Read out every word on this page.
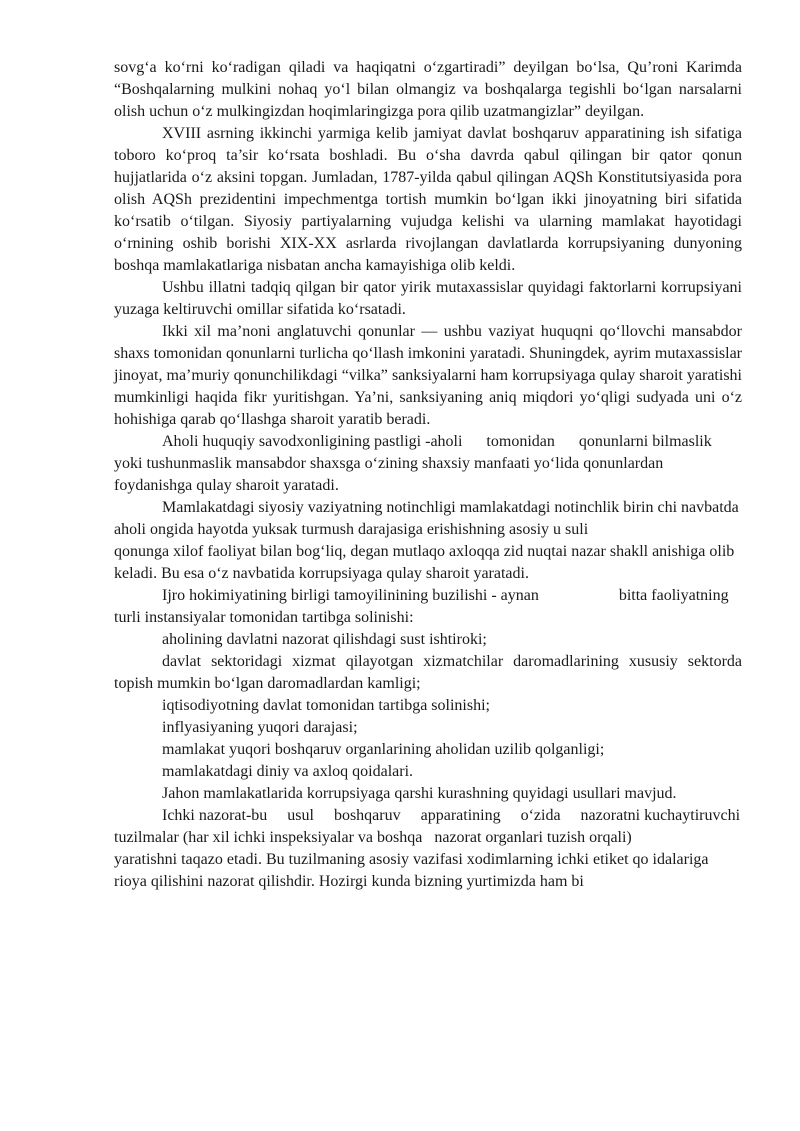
sovg‘a ko‘rni ko‘radigan qiladi va haqiqatni o‘zgartiradi” deyilgan bo‘lsa, Qu’roni Karimda “Boshqalarning mulkini nohaq yo‘l bilan olmangiz va boshqalarga tegishli bo‘lgan narsalarni olish uchun o‘z mulkingizdan hoqimlaringizga pora qilib uzatmangizlar” deyilgan.

XVIII asrning ikkinchi yarmiga kelib jamiyat davlat boshqaruv apparatining ish sifatiga toboro ko‘proq ta’sir ko‘rsata boshladi. Bu o‘sha davrda qabul qilingan bir qator qonun hujjatlarida o‘z aksini topgan. Jumladan, 1787-yilda qabul qilingan AQSh Konstitutsiyasida pora olish AQSh prezidentini impechmentga tortish mumkin bo‘lgan ikki jinoyatning biri sifatida ko‘rsatib o‘tilgan. Siyosiy partiyalarning vujudga kelishi va ularning mamlakat hayotidagi o‘rnining oshib borishi XIX-XX asrlarda rivojlangan davlatlarda korrupsiyaning dunyoning boshqa mamlakatlariga nisbatan ancha kamayishiga olib keldi.

Ushbu illatni tadqiq qilgan bir qator yirik mutaxassislar quyidagi faktorlarni korrupsiyani yuzaga keltiruvchi omillar sifatida ko‘rsatadi.

Ikki xil ma’noni anglatuvchi qonunlar — ushbu vaziyat huquqni qo‘llovchi mansabdor shaxs tomonidan qonunlarni turlicha qo‘llash imkonini yaratadi. Shuningdek, ayrim mutaxassislar jinoyat, ma’muriy qonunchilikdagi “vilka” sanksiyalarni ham korrupsiyaga qulay sharoit yaratishi mumkinligi haqida fikr yuritishgan. Ya’ni, sanksiyaning aniq miqdori yo‘qligi sudyada uni o‘z hohishiga qarab qo‘llashga sharoit yaratib beradi.

Aholi huquqiy savodxonligining pastligi -aholi      tomonidan      qonunlarni bilmaslik yoki tushunmaslik mansabdor shaxsga o‘zining shaxsiy manfaati yo‘lida qonunlardan foydanishga qulay sharoit yaratadi.

Mamlakatdagi siyosiy vaziyatning notinchligi mamlakatdagi notinchlik birin chi navbatda aholi ongida hayotda yuksak turmush darajasiga erishishning asosiy u suli

qonunga xilof faoliyat bilan bog‘liq, degan mutlaqo axloqqa zid nuqtai nazar shakll anishiga olib keladi. Bu esa o‘z navbatida korrupsiyaga qulay sharoit yaratadi.

Ijro hokimiyatining birligi tamoyilinining buzilishi - aynan                    bitta faoliyatning  turli instansiyalar tomonidan tartibga solinishi:

aholining davlatni nazorat qilishdagi sust ishtiroki;

davlat sektoridagi xizmat qilayotgan xizmatchilar daromadlarining xususiy sektorda topish mumkin bo‘lgan daromadlardan kamligi;

iqtisodiyotning davlat tomonidan tartibga solinishi;

inflyasiyaning yuqori darajasi;

mamlakat yuqori boshqaruv organlarining aholidan uzilib qolganligi;

mamlakatdagi diniy va axloq qoidalari.

Jahon mamlakatlarida korrupsiyaga qarshi kurashning quyidagi usullari mavjud.

Ichki nazorat-bu     usul     boshqaruv     apparatining     o‘zida     nazoratni kuchaytiruvchi   tuzilmalar (har xil ichki inspeksiyalar va boshqa   nazorat organlari tuzish orqali)

yaratishni taqazo etadi. Bu tuzilmaning asosiy vazifasi xodimlarning ichki etiket qo idalariga rioya qilishini nazorat qilishdir. Hozirgi kunda bizning yurtimizda ham bi
